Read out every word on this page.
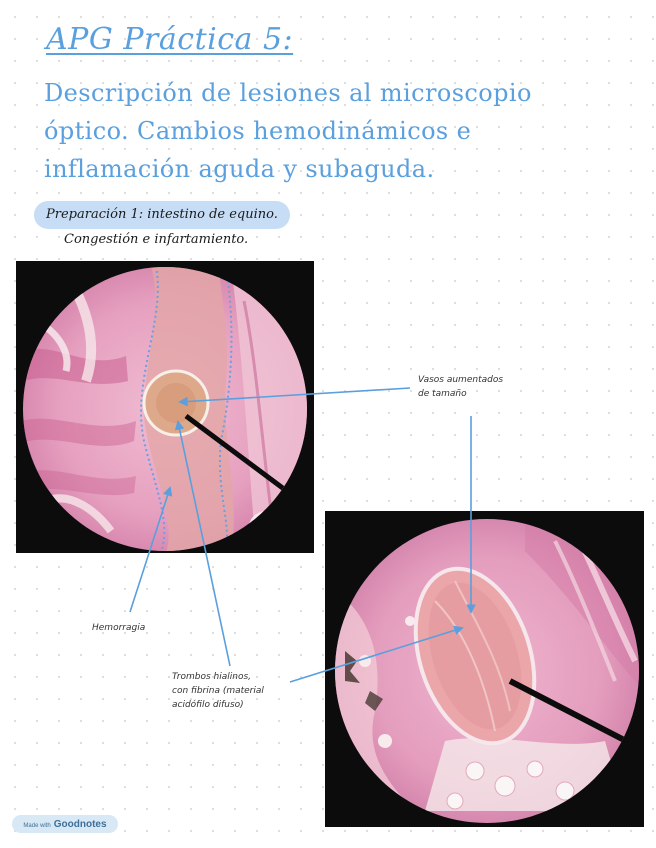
APG Práctica 5:
Descripción de lesiones al microscopio
óptico. Cambios hemodinámicos e
inflamación aguda y subaguda.
Preparación 1: intestino de equino.
Congestión e infartamiento.
Vasos aumentados
de tamaño
Hemorragia
Trombos hialinos,
con fibrina (material
acidófilo difuso)
Made with Goodnotes
